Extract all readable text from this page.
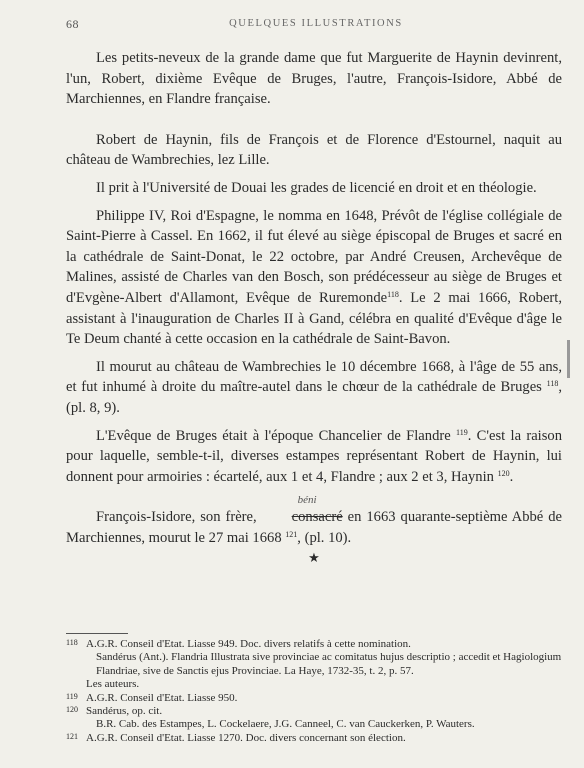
68	QUELQUES ILLUSTRATIONS

Les petits-neveux de la grande dame que fut Marguerite de Haynin devinrent, l'un, Robert, dixième Evêque de Bruges, l'autre, François-Isidore, Abbé de Marchiennes, en Flandre française.

Robert de Haynin, fils de François et de Florence d'Estournel, naquit au château de Wambrechies, lez Lille.

Il prit à l'Université de Douai les grades de licencié en droit et en théologie.

Philippe IV, Roi d'Espagne, le nomma en 1648, Prévôt de l'église collégiale de Saint-Pierre à Cassel. En 1662, il fut élevé au siège épiscopal de Bruges et sacré en la cathédrale de Saint-Donat, le 22 octobre, par André Creusen, Archevêque de Malines, assisté de Charles van den Bosch, son prédécesseur au siège de Bruges et d'Evgène-Albert d'Allamont, Evêque de Ruremonde$^{118}$. Le 2 mai 1666, Robert, assistant à l'inauguration de Charles II à Gand, célébra en qualité d'Evêque d'âge le Te Deum chanté à cette occasion en la cathédrale de Saint-Bavon.

Il mourut au château de Wambrechies le 10 décembre 1668, à l'âge de 55 ans, et fut inhumé à droite du maître-autel dans le chœur de la cathédrale de Bruges $^{118}$, (pl. 8, 9).

L'Evêque de Bruges était à l'époque Chancelier de Flandre $^{119}$. C'est la raison pour laquelle, semble-t-il, diverses estampes représentant Robert de Haynin, lui donnent pour armoiries : écartelé, aux 1 et 4, Flandre ; aux 2 et 3, Haynin $^{120}$.

François-Isidore, son frère, consacré
béni
en 1663 quarante-septième Abbé de Marchiennes, mourut le 27 mai 1668 $^{121}$, (pl. 10).

★

118 A.G.R. Conseil d'Etat. Liasse 949. Doc. divers relatifs à cette nomination.
Sandérus (Ant.). Flandria Illustrata sive provinciae ac comitatus hujus descriptio ; accedit et Hagiologium Flandriae, sive de Sanctis ejus Provinciae. La Haye, 1732-35, t. 2, p. 57.
Les auteurs.
119 A.G.R. Conseil d'Etat. Liasse 950.
120 Sandérus, op. cit.
B.R. Cab. des Estampes, L. Cockelaere, J.G. Canneel, C. van Cauckerken, P. Wauters.
121 A.G.R. Conseil d'Etat. Liasse 1270. Doc. divers concernant son élection.
